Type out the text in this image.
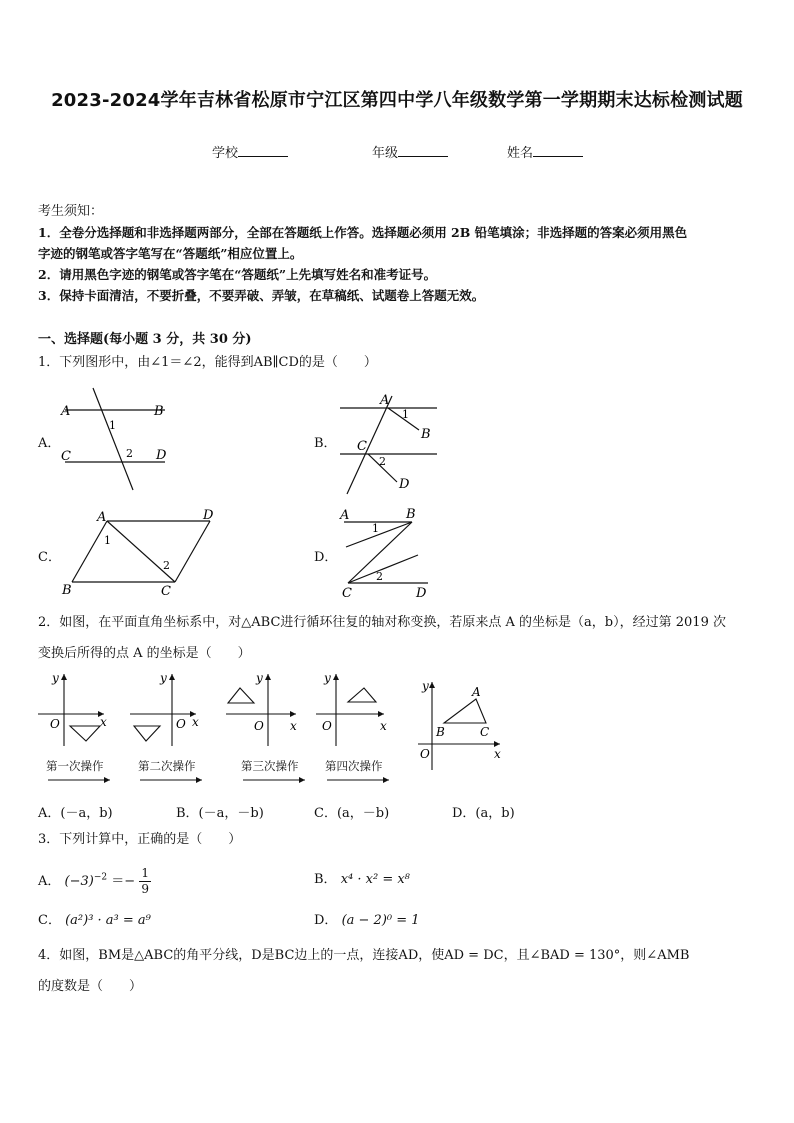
2023-2024学年吉林省松原市宁江区第四中学八年级数学第一学期期末达标检测试题
学校	年级	姓名
考生须知：
1．全卷分选择题和非选择题两部分，全部在答题纸上作答。选择题必须用 2B 铅笔填涂；非选择题的答案必须用黑色
字迹的钢笔或答字笔写在“答题纸”相应位置上。
2．请用黑色字迹的钢笔或答字笔在“答题纸”上先填写姓名和准考证号。
3．保持卡面清洁，不要折叠，不要弄破、弄皱，在草稿纸、试题卷上答题无效。
一、选择题(每小题 3 分，共 30 分)
1．下列图形中，由∠1＝∠2，能得到AB∥CD的是（　　）
A．
A	B
C	D
1
2
B．
A
B
C
D
1
2
C．
A	D
B	C
1
2
D．
A	B
C	D
1
2
2．如图，在平面直角坐标系中，对△ABC进行循环往复的轴对称变换，若原来点 A 的坐标是（a，b），经过第 2019 次
变换后所得的点 A 的坐标是（　　）
y
x
O
y
x
O
y
x
O
y
x
O
y
x
O
A
B	C
第一次操作	第二次操作	第三次操作 第四次操作
A．(－a，b)	B．(－a，－b)	C．(a，－b)	D．(a，b)
3．下列计算中，正确的是（　　）
A． $(-3)^{-2} =- \frac{1}{9}$	B． x⁴ · x² = x⁸
C． (a²)³ · a³ = a⁹	D． (a − 2)⁰ = 1
4．如图，BM是△ABC的角平分线，D是BC边上的一点，连接AD，使AD = DC，且∠BAD = 130°，则∠AMB
的度数是（　　）
